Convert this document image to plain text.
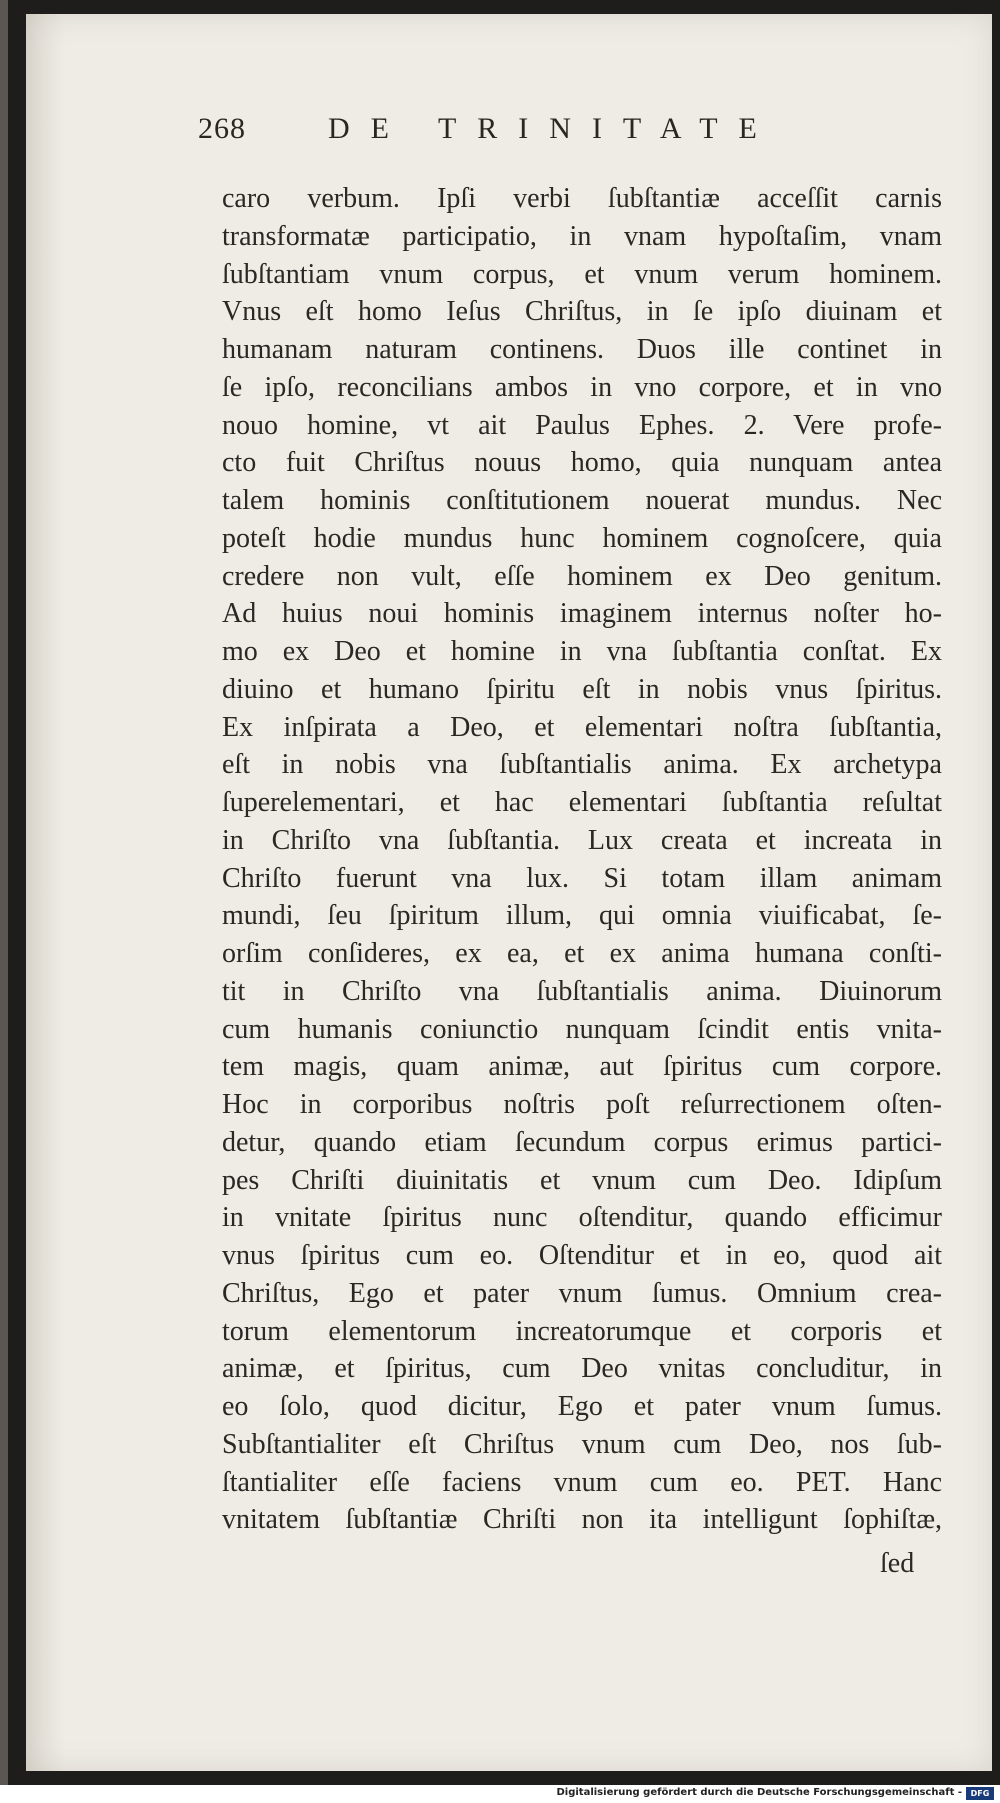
268	DE TRINITATE
caro verbum. Ipſi verbi ſubſtantiæ acceſſit carnis
transformatæ participatio, in vnam hypoſtaſim, vnam
ſubſtantiam vnum corpus, et vnum verum hominem.
Vnus eſt homo Ieſus Chriſtus, in ſe ipſo diuinam et
humanam naturam continens. Duos ille continet in
ſe ipſo, reconcilians ambos in vno corpore, et in vno
nouo homine, vt ait Paulus Ephes. 2. Vere profe-
cto fuit Chriſtus nouus homo, quia nunquam antea
talem hominis conſtitutionem nouerat mundus. Nec
poteſt hodie mundus hunc hominem cognoſcere, quia
credere non vult, eſſe hominem ex Deo genitum.
Ad huius noui hominis imaginem internus noſter ho-
mo ex Deo et homine in vna ſubſtantia conſtat. Ex
diuino et humano ſpiritu eſt in nobis vnus ſpiritus.
Ex inſpirata a Deo, et elementari noſtra ſubſtantia,
eſt in nobis vna ſubſtantialis anima. Ex archetypa
ſuperelementari, et hac elementari ſubſtantia reſultat
in Chriſto vna ſubſtantia. Lux creata et increata in
Chriſto fuerunt vna lux. Si totam illam animam
mundi, ſeu ſpiritum illum, qui omnia viuificabat, ſe-
orſim conſideres, ex ea, et ex anima humana conſti-
tit in Chriſto vna ſubſtantialis anima. Diuinorum
cum humanis coniunctio nunquam ſcindit entis vnita-
tem magis, quam animæ, aut ſpiritus cum corpore.
Hoc in corporibus noſtris poſt reſurrectionem oſten-
detur, quando etiam ſecundum corpus erimus partici-
pes Chriſti diuinitatis et vnum cum Deo. Idipſum
in vnitate ſpiritus nunc oſtenditur, quando efficimur
vnus ſpiritus cum eo. Oſtenditur et in eo, quod ait
Chriſtus, Ego et pater vnum ſumus. Omnium crea-
torum elementorum increatorumque et corporis et
animæ, et ſpiritus, cum Deo vnitas concluditur, in
eo ſolo, quod dicitur, Ego et pater vnum ſumus.
Subſtantialiter eſt Chriſtus vnum cum Deo, nos ſub-
ſtantialiter eſſe faciens vnum cum eo. PET. Hanc
vnitatem ſubſtantiæ Chriſti non ita intelligunt ſophiſtæ,
ſed
Digitalisierung gefördert durch die Deutsche Forschungsgemeinschaft -	DFG
